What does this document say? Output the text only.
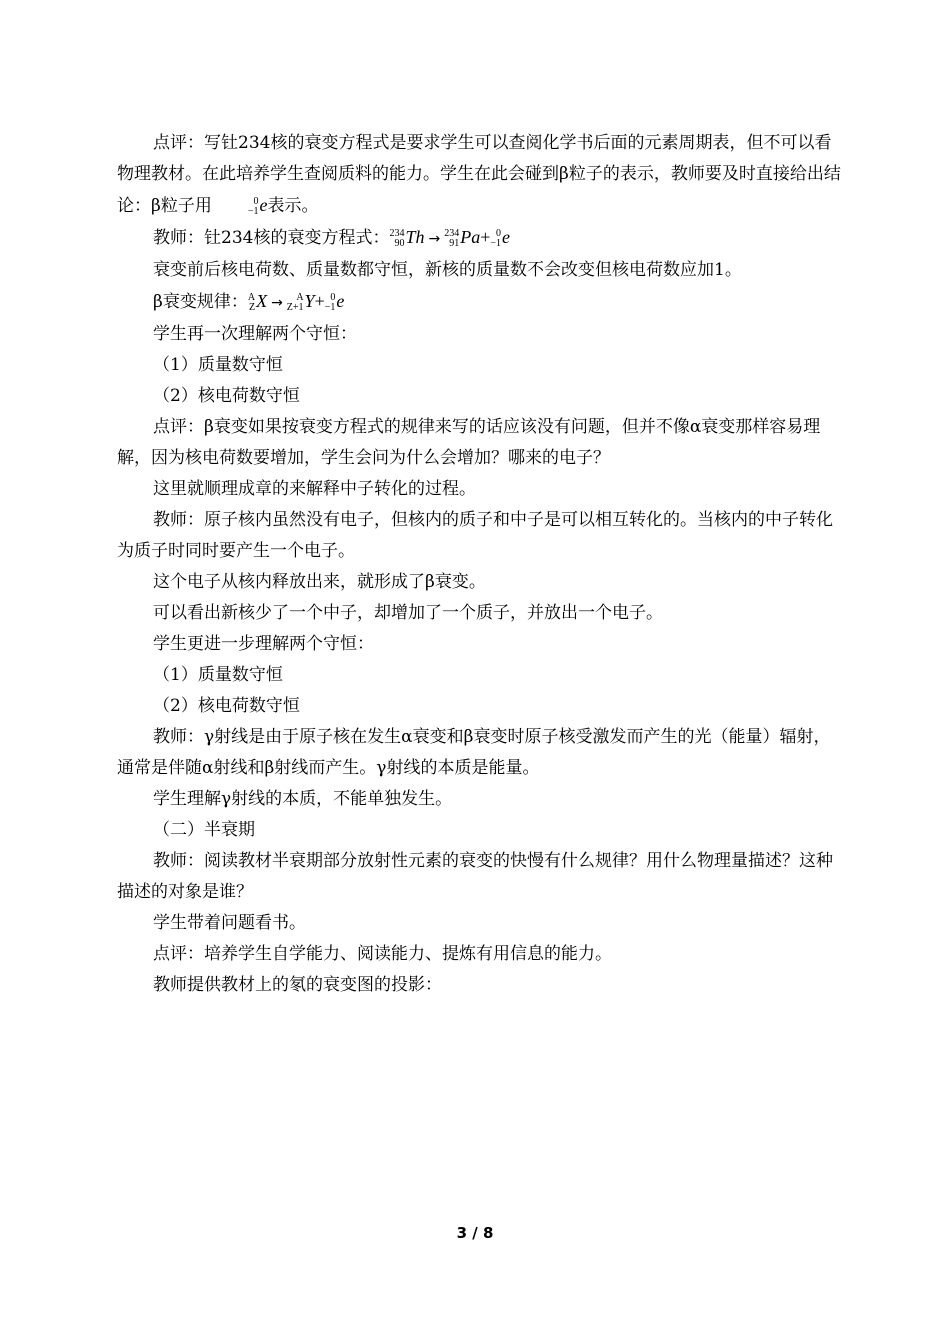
点评：写钍234核的衰变方程式是要求学生可以查阅化学书后面的元素周期表，但不可以看物理教材。在此培养学生查阅质料的能力。学生在此会碰到β粒子的表示，教师要及时直接给出结论：β粒子用	0
−1 e表示。

教师：钍234核的衰变方程式： 234
90 Th → 234
91 Pa+ 0
−1 e

衰变前后核电荷数、质量数都守恒，新核的质量数不会改变但核电荷数应加1。

β衰变规律： A
Z X →	A
Z+1 Y+ 0
−1 e

学生再一次理解两个守恒：

（1）质量数守恒

（2）核电荷数守恒

点评：β衰变如果按衰变方程式的规律来写的话应该没有问题，但并不像α衰变那样容易理解，因为核电荷数要增加，学生会问为什么会增加？哪来的电子？

这里就顺理成章的来解释中子转化的过程。

教师：原子核内虽然没有电子，但核内的质子和中子是可以相互转化的。当核内的中子转化为质子时同时要产生一个电子。

这个电子从核内释放出来，就形成了β衰变。

可以看出新核少了一个中子，却增加了一个质子，并放出一个电子。

学生更进一步理解两个守恒：

（1）质量数守恒

（2）核电荷数守恒

教师：γ射线是由于原子核在发生α衰变和β衰变时原子核受激发而产生的光（能量）辐射，通常是伴随α射线和β射线而产生。γ射线的本质是能量。

学生理解γ射线的本质，不能单独发生。

（二）半衰期

教师：阅读教材半衰期部分放射性元素的衰变的快慢有什么规律？用什么物理量描述？这种描述的对象是谁？

学生带着问题看书。

点评：培养学生自学能力、阅读能力、提炼有用信息的能力。

教师提供教材上的氡的衰变图的投影：

3 / 8
